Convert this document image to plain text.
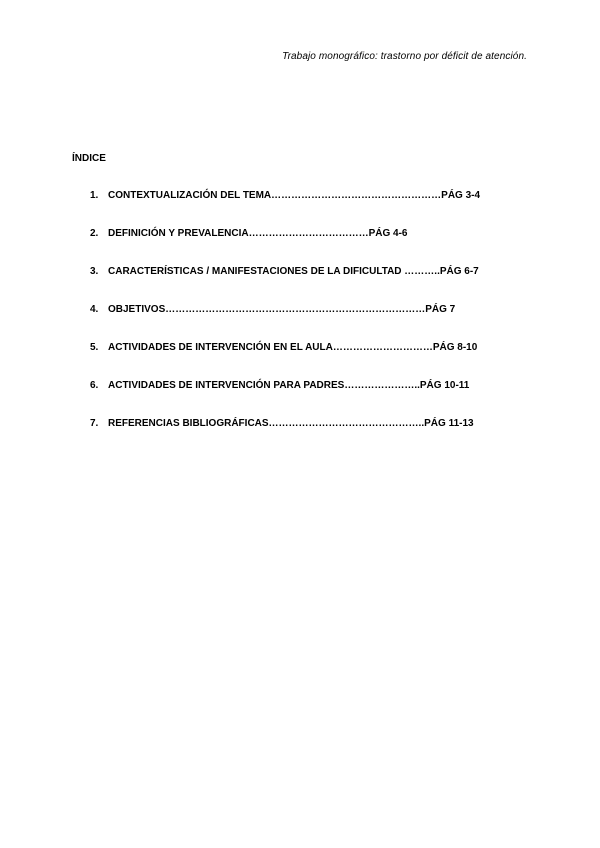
Trabajo monográfico: trastorno por déficit de atención.
ÍNDICE
1. CONTEXTUALIZACIÓN DEL TEMA……………………………………………PÁG 3-4
2. DEFINICIÓN Y PREVALENCIA………………………………PÁG 4-6
3. CARACTERÍSTICAS / MANIFESTACIONES DE LA DIFICULTAD ………..PÁG 6-7
4. OBJETIVOS……………………………………………………………………PÁG 7
5. ACTIVIDADES DE INTERVENCIÓN EN EL AULA…………………………PÁG 8-10
6. ACTIVIDADES DE INTERVENCIÓN PARA PADRES…………………..PÁG 10-11
7. REFERENCIAS BIBLIOGRÁFICAS………………………………………..PÁG 11-13
